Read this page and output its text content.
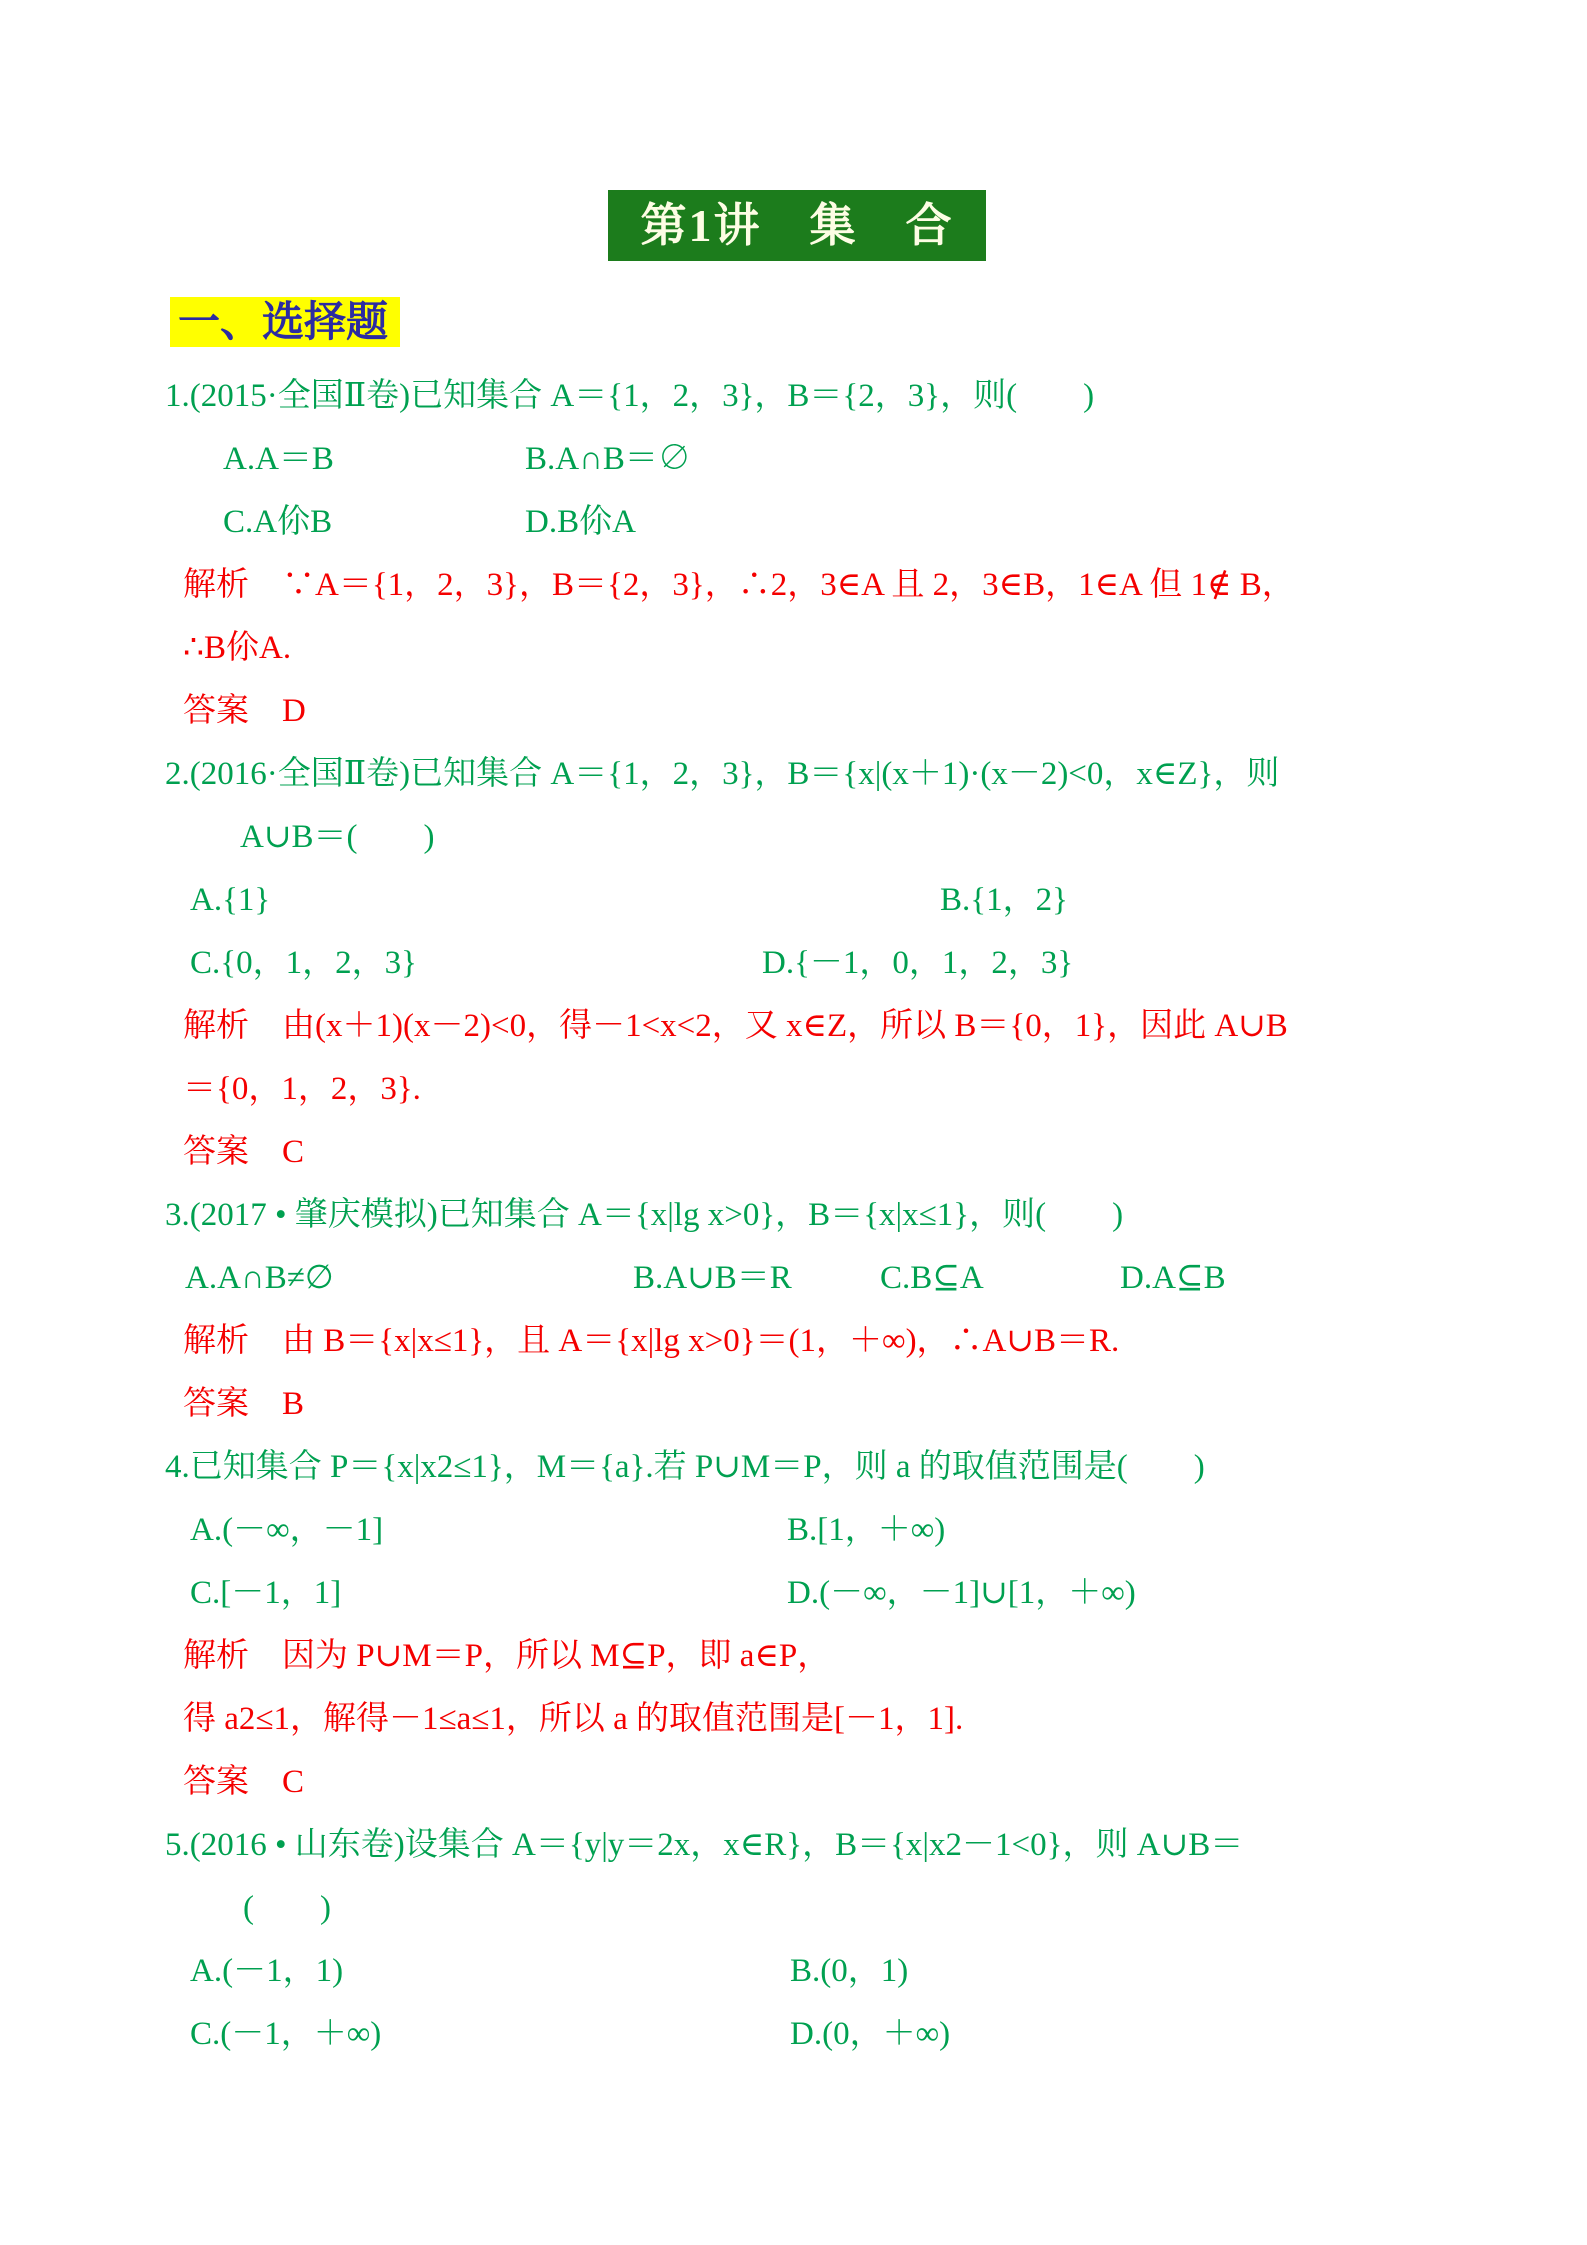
第1讲　集　合
一、选择题
1.(2015·全国Ⅱ卷)已知集合 A＝{1，2，3}，B＝{2，3}，则(　　)
A.A＝B	B.A∩B＝∅
C.A伱B	D.B伱A
解析　∵A＝{1，2，3}，B＝{2，3}，∴2，3∈A 且 2，3∈B，1∈A 但 1∉ B，
∴B伱A.
答案　D
2.(2016·全国Ⅱ卷)已知集合 A＝{1，2，3}，B＝{x|(x＋1)·(x－2)<0，x∈Z}，则
A∪B＝(　　)
A.{1}	B.{1，2}
C.{0，1，2，3}	D.{－1，0，1，2，3}
解析　由(x＋1)(x－2)<0，得－1<x<2，又 x∈Z，所以 B＝{0，1}，因此 A∪B
＝{0，1，2，3}.
答案　C
3.(2017 • 肇庆模拟)已知集合 A＝{x|lg x>0}，B＝{x|x≤1}，则(　　)
A.A∩B≠∅	B.A∪B＝R	C.B⊆A	D.A⊆B
解析　由 B＝{x|x≤1}，且 A＝{x|lg x>0}＝(1，＋∞)，∴A∪B＝R.
答案　B
4.已知集合 P＝{x|x2≤1}，M＝{a}.若 P∪M＝P，则 a 的取值范围是(　　)
A.(－∞，－1]	B.[1，＋∞)
C.[－1，1]	D.(－∞，－1]∪[1，＋∞)
解析　因为 P∪M＝P，所以 M⊆P，即 a∈P，
得 a2≤1，解得－1≤a≤1，所以 a 的取值范围是[－1，1].
答案　C
5.(2016 • 山东卷)设集合 A＝{y|y＝2x，x∈R}，B＝{x|x2－1<0}，则 A∪B＝
(　　)
A.(－1，1)	B.(0，1)
C.(－1，＋∞)	D.(0，＋∞)
